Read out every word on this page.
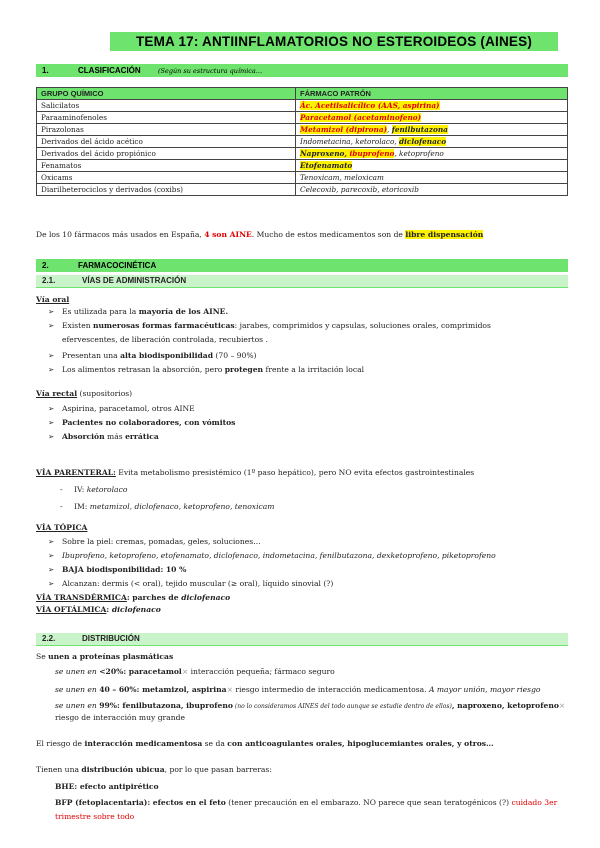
TEMA 17: ANTIINFLAMATORIOS NO ESTEROIDEOS (AINES)
1.	CLASIFICACIÓN	(Según su estructura química…
GRUPO QUÍMICO	FÁRMACO PATRÓN
Salicilatos	Ác. Acetilsalicílico (AAS, aspirina)
Paraaminofenoles	Paracetamol (acetaminofeno)
Pirazolonas	Metamizol (dipirona), fenilbutazona
Derivados del ácido acético	Indometacina, ketorolaco, diclofenaco
Derivados del ácido propiónico	Naproxeno, ibuprofeno, ketoprofeno
Fenamatos	Etofenamato
Oxicams	Tenoxicam, meloxicam
Diarilheterociclos y derivados (coxibs)	Celecoxib, parecoxib, etoricoxib
De los 10 fármacos más usados en España, 4 son AINE. Mucho de estos medicamentos son de libre dispensación
2.	FARMACOCINÉTICA
2.1.	VÍAS DE ADMINISTRACIÓN
Vía oral
➢ Es utilizada para la mayoría de los AINE.
➢ Existen numerosas formas farmacéuticas: jarabes, comprimidos y capsulas, soluciones orales, comprimidos
efervescentes, de liberación controlada, recubiertos .
➢ Presentan una alta biodisponibilidad (70 – 90%)
➢ Los alimentos retrasan la absorción, pero protegen frente a la irritación local
Vía rectal (supositorios)
➢ Aspirina, paracetamol, otros AINE
➢ Pacientes no colaboradores, con vómitos
➢ Absorción más errática
VÍA PARENTERAL: Evita metabolismo presistémico (1º paso hepático), pero NO evita efectos gastrointestinales
- IV: ketorolaco
- IM: metamizol, diclofenaco, ketoprofeno, tenoxicam
VÍA TÓPICA
➢ Sobre la piel: cremas, pomadas, geles, soluciones…
➢ Ibuprofeno, ketoprofeno, etofenamato, diclofenaco, indometacina, fenilbutazona, dexketoprofeno, piketoprofeno
➢ BAJA biodisponibilidad: 10 %
➢ Alcanzan: dermis (< oral), tejido muscular (≥ oral), líquido sinovial (?)
VÍA TRANSDÉRMICA: parches de diclofenaco
VÍA OFTÁLMICA: diclofenaco
2.2.	DISTRIBUCIÓN
Se unen a proteínas plasmáticas
se unen en <20%: paracetamol× interacción pequeña; fármaco seguro
se unen en 40 – 60%: metamizol, aspirina× riesgo intermedio de interacción medicamentosa. A mayor unión, mayor riesgo
se unen en 99%: fenilbutazona, ibuprofeno (no lo consideramos AINES del todo aunque se estudie dentro de ellos), naproxeno, ketoprofeno×
riesgo de interacción muy grande
El riesgo de interacción medicamentosa se da con anticoagulantes orales, hipoglucemiantes orales, y otros…
Tienen una distribución ubicua, por lo que pasan barreras:
BHE: efecto antipirético
BFP (fetoplacentaria): efectos en el feto (tener precaución en el embarazo. NO parece que sean teratogénicos (?) cuidado 3er
trimestre sobre todo
